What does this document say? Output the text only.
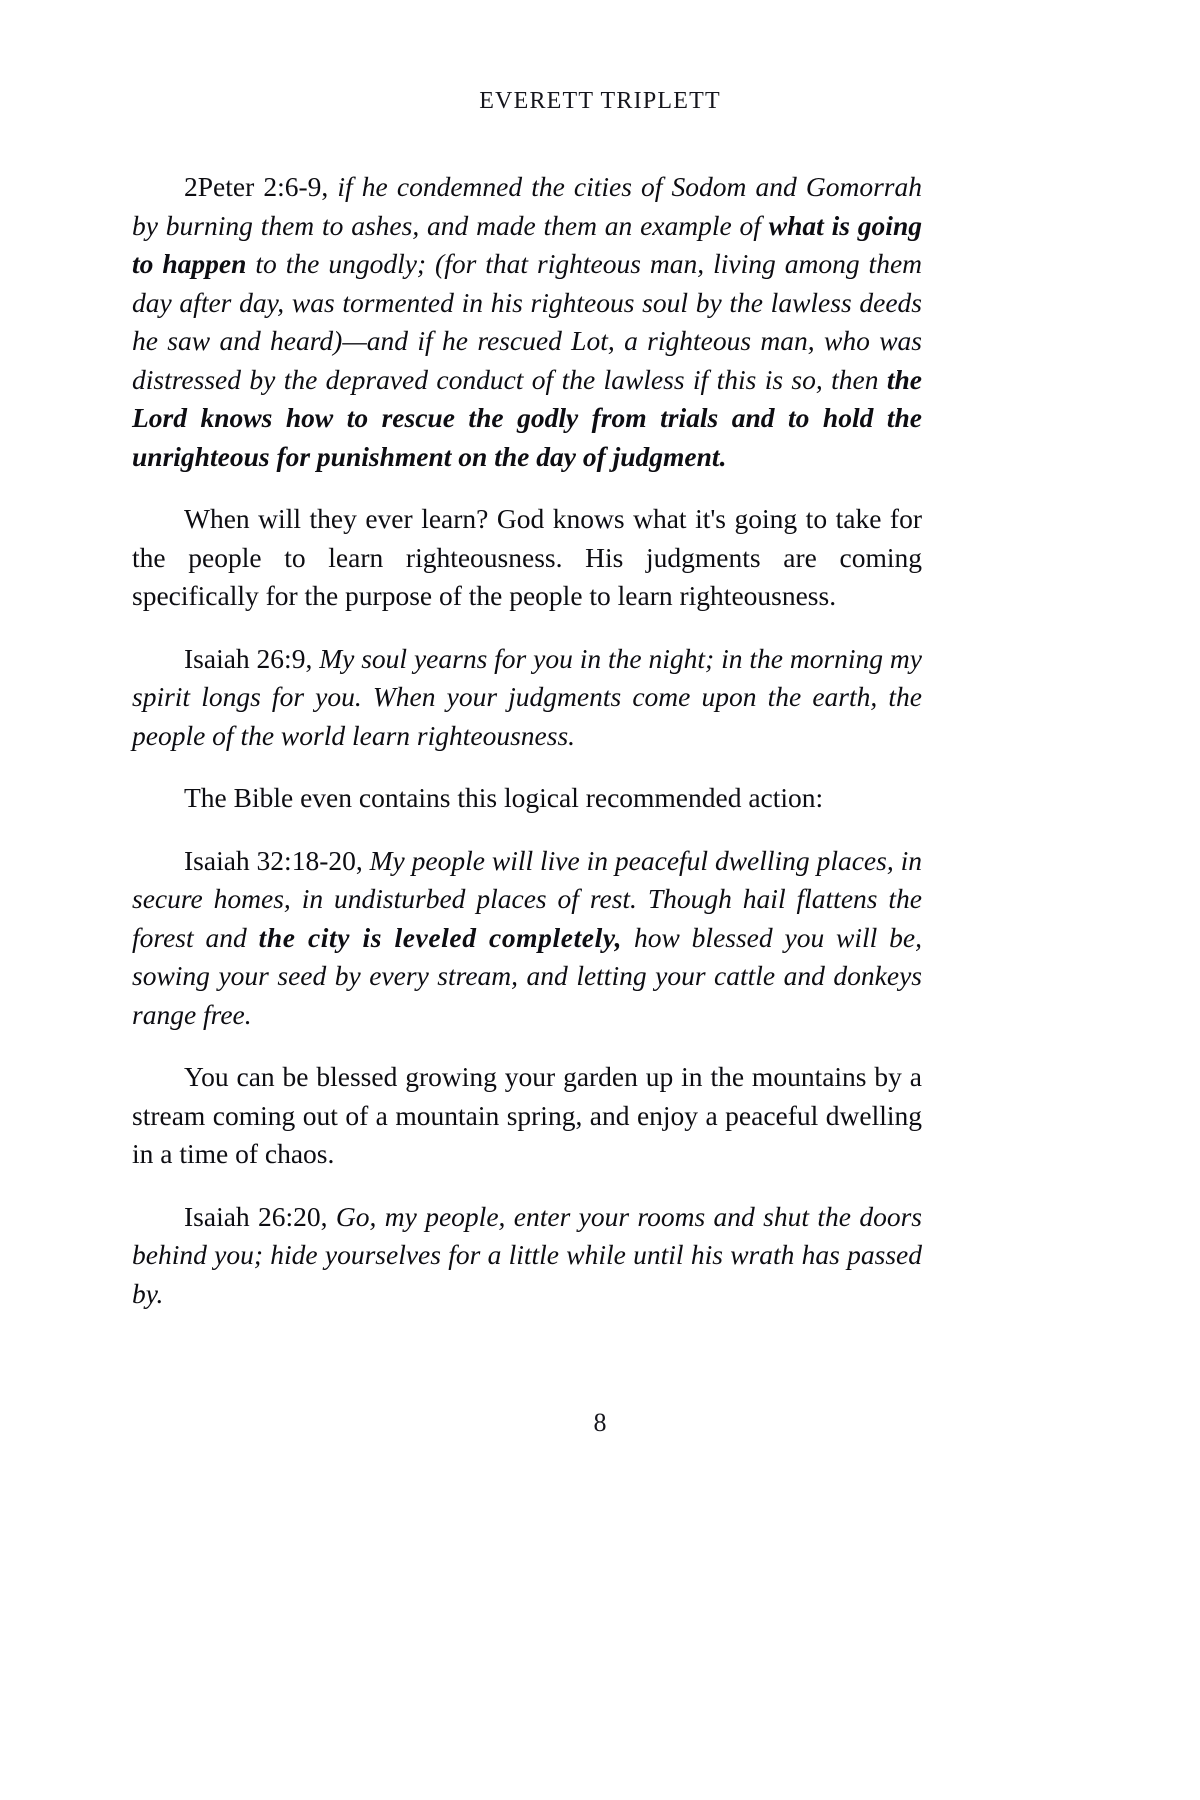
EVERETT TRIPLETT

2Peter 2:6-9, if he condemned the cities of Sodom and Gomorrah by burning them to ashes, and made them an example of what is going to happen to the ungodly; (for that righteous man, living among them day after day, was tormented in his righteous soul by the lawless deeds he saw and heard)—and if he rescued Lot, a righteous man, who was distressed by the depraved conduct of the lawless if this is so, then the Lord knows how to rescue the godly from trials and to hold the unrighteous for punishment on the day of judgment.

When will they ever learn? God knows what it's going to take for the people to learn righteousness. His judgments are coming specifically for the purpose of the people to learn righteousness.

Isaiah 26:9, My soul yearns for you in the night; in the morning my spirit longs for you. When your judgments come upon the earth, the people of the world learn righteousness.

The Bible even contains this logical recommended action:

Isaiah 32:18-20, My people will live in peaceful dwelling places, in secure homes, in undisturbed places of rest. Though hail flattens the forest and the city is leveled completely, how blessed you will be, sowing your seed by every stream, and letting your cattle and donkeys range free.

You can be blessed growing your garden up in the mountains by a stream coming out of a mountain spring, and enjoy a peaceful dwelling in a time of chaos.

Isaiah 26:20, Go, my people, enter your rooms and shut the doors behind you; hide yourselves for a little while until his wrath has passed by.

8
